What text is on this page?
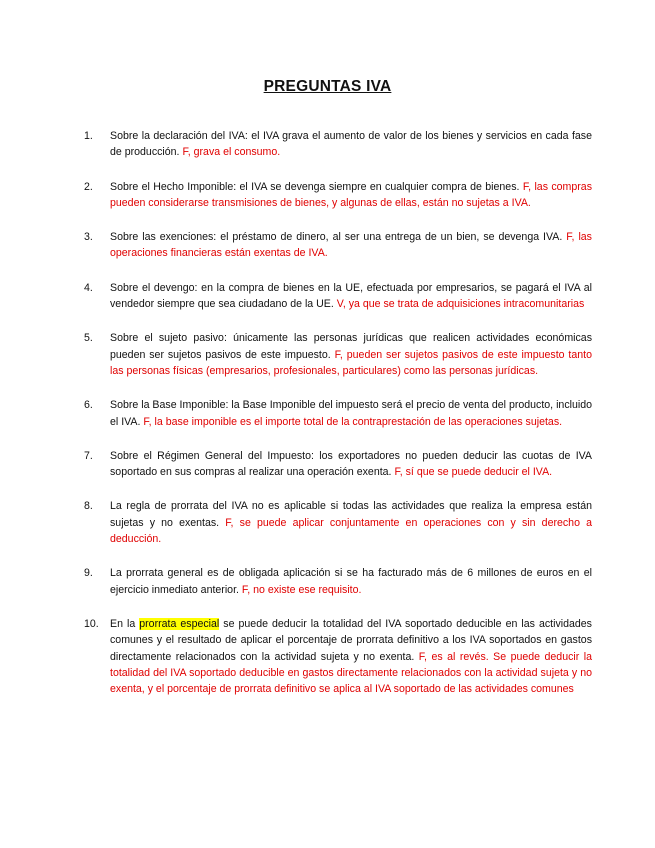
PREGUNTAS IVA
1.	Sobre la declaración del IVA: el IVA grava el aumento de valor de los bienes y servicios en cada fase de producción. F, grava el consumo.
2.	Sobre el Hecho Imponible: el IVA se devenga siempre en cualquier compra de bienes. F, las compras pueden considerarse transmisiones de bienes, y algunas de ellas, están no sujetas a IVA.
3.	Sobre las exenciones: el préstamo de dinero, al ser una entrega de un bien, se devenga IVA. F, las operaciones financieras están exentas de IVA.
4.	Sobre el devengo: en la compra de bienes en la UE, efectuada por empresarios, se pagará el IVA al vendedor siempre que sea ciudadano de la UE. V, ya que se trata de adquisiciones intracomunitarias
5.	Sobre el sujeto pasivo: únicamente las personas jurídicas que realicen actividades económicas pueden ser sujetos pasivos de este impuesto. F, pueden ser sujetos pasivos de este impuesto tanto las personas físicas (empresarios, profesionales, particulares) como las personas jurídicas.
6.	Sobre la Base Imponible: la Base Imponible del impuesto será el precio de venta del producto, incluido el IVA. F, la base imponible es el importe total de la contraprestación de las operaciones sujetas.
7.	Sobre el Régimen General del Impuesto: los exportadores no pueden deducir las cuotas de IVA soportado en sus compras al realizar una operación exenta. F, sí que se puede deducir el IVA.
8.	La regla de prorrata del IVA no es aplicable si todas las actividades que realiza la empresa están sujetas y no exentas. F, se puede aplicar conjuntamente en operaciones con y sin derecho a deducción.
9.	La prorrata general es de obligada aplicación si se ha facturado más de 6 millones de euros en el ejercicio inmediato anterior. F, no existe ese requisito.
10.	En la prorrata especial se puede deducir la totalidad del IVA soportado deducible en las actividades comunes y el resultado de aplicar el porcentaje de prorrata definitivo a los IVA soportados en gastos directamente relacionados con la actividad sujeta y no exenta. F, es al revés. Se puede deducir la totalidad del IVA soportado deducible en gastos directamente relacionados con la actividad sujeta y no exenta, y el porcentaje de prorrata definitivo se aplica al IVA soportado de las actividades comunes
